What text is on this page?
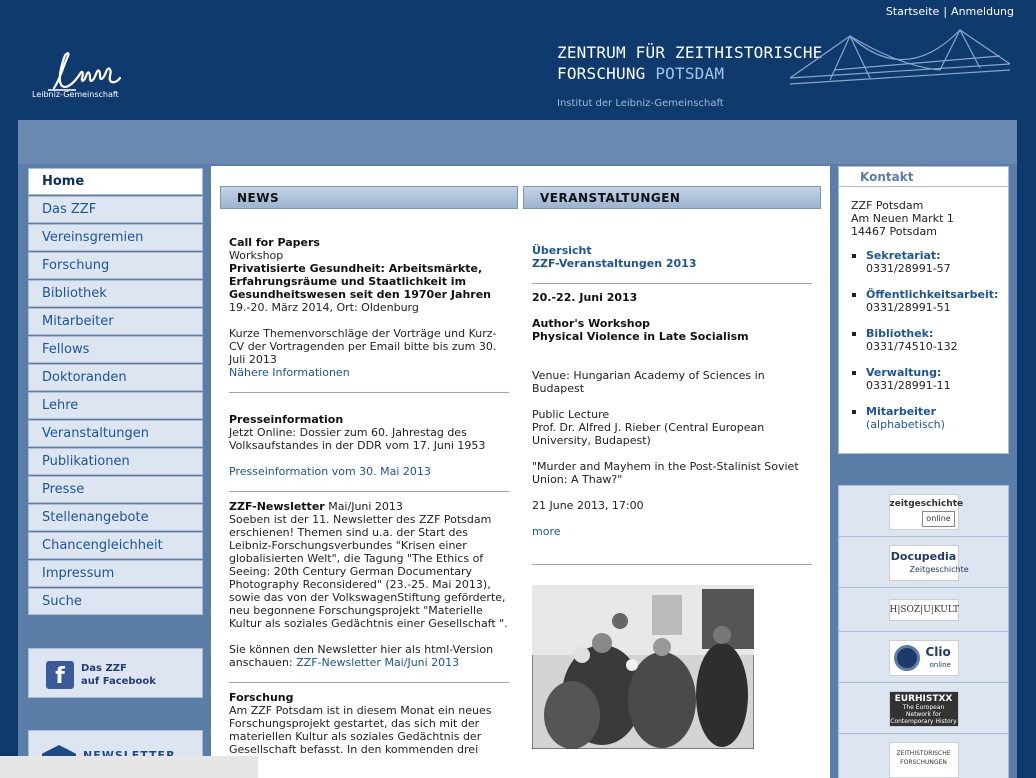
Startseite | Anmeldung
Leibniz-Gemeinschaft
ZENTRUM FÜR ZEITHISTORISCHE
FORSCHUNG POTSDAM
Institut der Leibniz-Gemeinschaft
Home
Das ZZF
Vereinsgremien
Forschung
Bibliothek
Mitarbeiter
Fellows
Doktoranden
Lehre
Veranstaltungen
Publikationen
Presse
Stellenangebote
Chancengleichheit
Impressum
Suche
f	Das ZZF
auf Facebook
NEWS
Call for Papers
Workshop
Privatisierte Gesundheit: Arbeitsmärkte, Erfahrungsräume und Staatlichkeit im Gesundheitswesen seit den 1970er Jahren
19.-20. März 2014, Ort: Oldenburg
Kurze Themenvorschläge der Vorträge und Kurz-CV der Vortragenden per Email bitte bis zum 30. Juli 2013
Nähere Informationen
Presseinformation
Jetzt Online: Dossier zum 60. Jahrestag des Volksaufstandes in der DDR vom 17. Juni 1953
Presseinformation vom 30. Mai 2013
ZZF-Newsletter Mai/Juni 2013
Soeben ist der 11. Newsletter des ZZF Potsdam erschienen! Themen sind u.a. der Start des Leibniz-Forschungsverbundes "Krisen einer globalisierten Welt", die Tagung "The Ethics of Seeing: 20th Century German Documentary Photography Reconsidered" (23.-25. Mai 2013), sowie das von der VolkswagenStiftung geförderte, neu begonnene Forschungsprojekt "Materielle Kultur als soziales Gedächtnis einer Gesellschaft ".
Sie können den Newsletter hier als html-Version anschauen: ZZF-Newsletter Mai/Juni 2013
Forschung
Am ZZF Potsdam ist in diesem Monat ein neues Forschungsprojekt gestartet, das sich mit der materiellen Kultur als soziales Gedächtnis der Gesellschaft befasst. In den kommenden drei
VERANSTALTUNGEN
Übersicht
ZZF-Veranstaltungen 2013
20.-22. Juni 2013
Author's Workshop
Physical Violence in Late Socialism
Venue: Hungarian Academy of Sciences in Budapest
Public Lecture
Prof. Dr. Alfred J. Rieber (Central European University, Budapest)
"Murder and Mayhem in the Post-Stalinist Soviet Union: A Thaw?"
21 June 2013, 17:00
more
Kontakt
ZZF Potsdam
Am Neuen Markt 1
14467 Potsdam
Sekretariat:
0331/28991-57
Öffentlichkeitsarbeit:
0331/28991-51
Bibliothek:
0331/74510-132
Verwaltung:
0331/28991-11
Mitarbeiter
(alphabetisch)
zeitgeschichte
online
Docupedia
Zeitgeschichte
H|SOZ|U|KULT
Clio
online
EURHISTXX
The European Network for Contemporary History
ZEITHISTORISCHE FORSCHUNGEN
